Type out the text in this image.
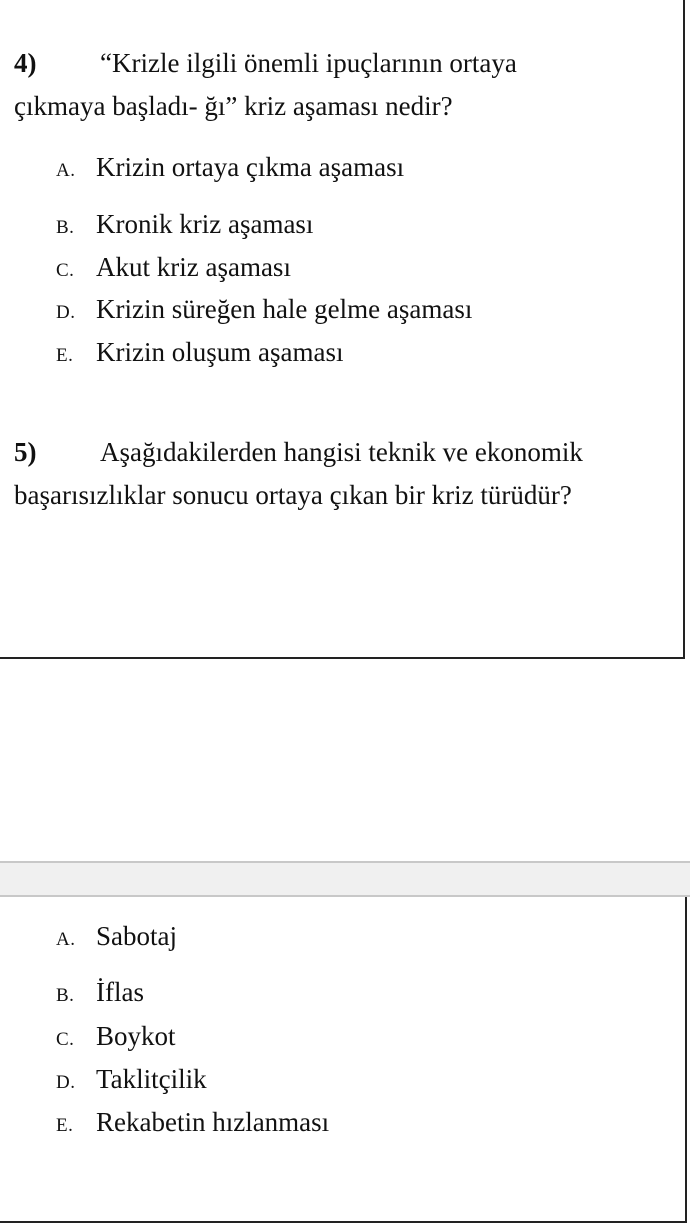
4) “Krizle ilgili önemli ipuçlarının ortaya
çıkmaya başladı- ğı” kriz aşaması nedir?
A. Krizin ortaya çıkma aşaması
B. Kronik kriz aşaması
C. Akut kriz aşaması
D. Krizin süreğen hale gelme aşaması
E. Krizin oluşum aşaması
5) Aşağıdakilerden hangisi teknik ve ekonomik
başarısızlıklar sonucu ortaya çıkan bir kriz türüdür?
A. Sabotaj
B. İflas
C. Boykot
D. Taklitçilik
E. Rekabetin hızlanması
